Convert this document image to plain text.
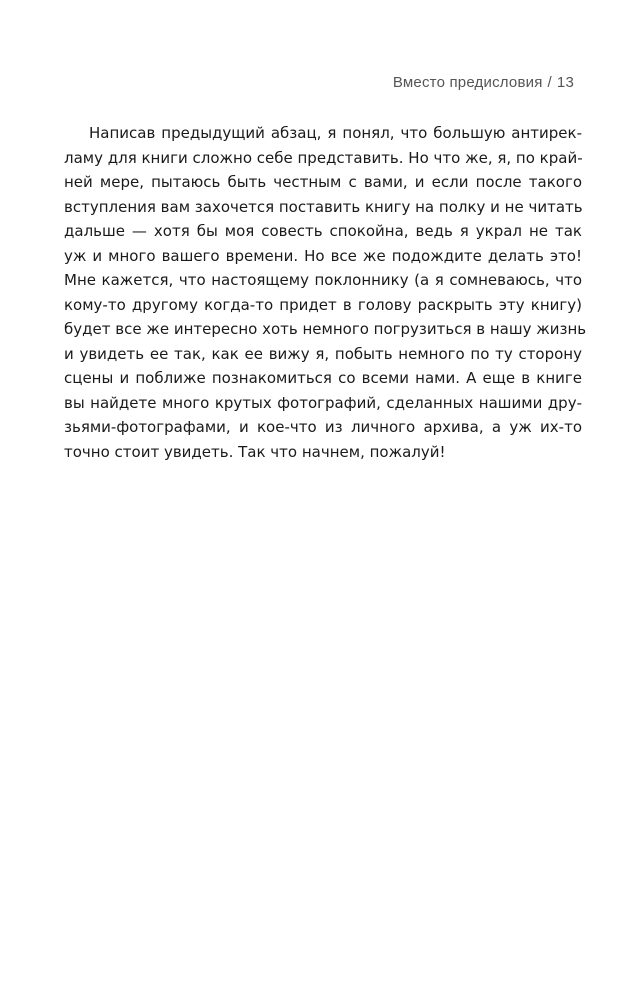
Вместо предисловия / 13
Написав предыдущий абзац, я понял, что большую антирек-
ламу для книги сложно себе представить. Но что же, я, по край-
ней мере, пытаюсь быть честным с вами, и если после такого
вступления вам захочется поставить книгу на полку и не читать
дальше — хотя бы моя совесть спокойна, ведь я украл не так
уж и много вашего времени. Но все же подождите делать это!
Мне кажется, что настоящему поклоннику (а я сомневаюсь, что
кому-то другому когда-то придет в голову раскрыть эту книгу)
будет все же интересно хоть немного погрузиться в нашу жизнь
и увидеть ее так, как ее вижу я, побыть немного по ту сторону
сцены и поближе познакомиться со всеми нами. А еще в книге
вы найдете много крутых фотографий, сделанных нашими дру-
зьями-фотографами, и кое-что из личного архива, а уж их-то
точно стоит увидеть. Так что начнем, пожалуй!
